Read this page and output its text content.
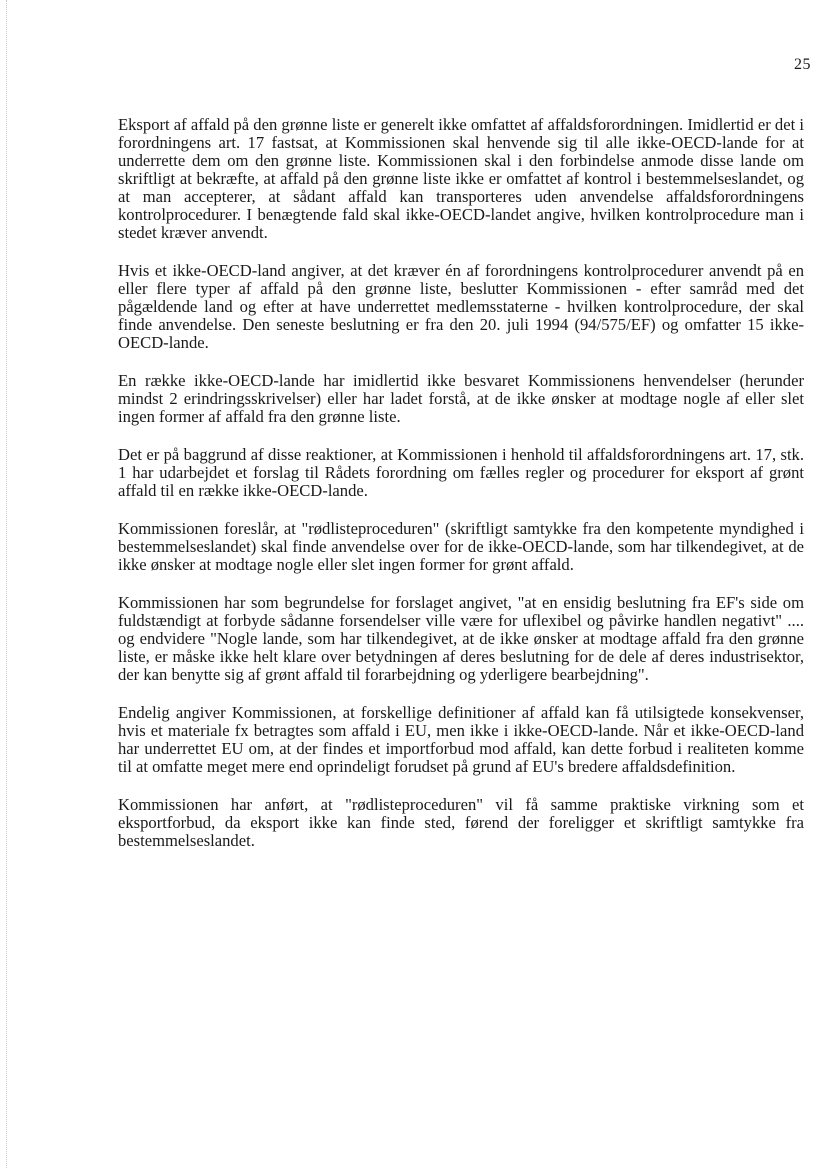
25

Eksport af affald på den grønne liste er generelt ikke omfattet af affaldsforordningen. Imidlertid er det i forordningens art. 17 fastsat, at Kommissionen skal henvende sig til alle ikke-OECD-lande for at underrette dem om den grønne liste. Kommissionen skal i den forbindelse anmode disse lande om skriftligt at bekræfte, at affald på den grønne liste ikke er omfattet af kontrol i bestemmelseslandet, og at man accepterer, at sådant affald kan transporteres uden anvendelse affaldsforordningens kontrolprocedurer. I benægtende fald skal ikke-OECD-landet angive, hvilken kontrolprocedure man i stedet kræver anvendt.

Hvis et ikke-OECD-land angiver, at det kræver én af forordningens kontrolprocedurer anvendt på en eller flere typer af affald på den grønne liste, beslutter Kommissionen - efter samråd med det pågældende land og efter at have underrettet medlemsstaterne - hvilken kontrolprocedure, der skal finde anvendelse. Den seneste beslutning er fra den 20. juli 1994 (94/575/EF) og omfatter 15 ikke-OECD-lande.

En række ikke-OECD-lande har imidlertid ikke besvaret Kommissionens henvendelser (herunder mindst 2 erindringsskrivelser) eller har ladet forstå, at de ikke ønsker at modtage nogle af eller slet ingen former af affald fra den grønne liste.

Det er på baggrund af disse reaktioner, at Kommissionen i henhold til affaldsforordningens art. 17, stk. 1 har udarbejdet et forslag til Rådets forordning om fælles regler og procedurer for eksport af grønt affald til en række ikke-OECD-lande.

Kommissionen foreslår, at "rødlisteproceduren" (skriftligt samtykke fra den kompetente myndighed i bestemmelseslandet) skal finde anvendelse over for de ikke-OECD-lande, som har tilkendegivet, at de ikke ønsker at modtage nogle eller slet ingen former for grønt affald.

Kommissionen har som begrundelse for forslaget angivet, "at en ensidig beslutning fra EF's side om fuldstændigt at forbyde sådanne forsendelser ville være for uflexibel og påvirke handlen negativt" .... og endvidere "Nogle lande, som har tilkendegivet, at de ikke ønsker at modtage affald fra den grønne liste, er måske ikke helt klare over betydningen af deres beslutning for de dele af deres industrisektor, der kan benytte sig af grønt affald til forarbejdning og yderligere bearbejdning".

Endelig angiver Kommissionen, at forskellige definitioner af affald kan få utilsigtede konsekvenser, hvis et materiale fx betragtes som affald i EU, men ikke i ikke-OECD-lande. Når et ikke-OECD-land har underrettet EU om, at der findes et importforbud mod affald, kan dette forbud i realiteten komme til at omfatte meget mere end oprindeligt forudset på grund af EU's bredere affaldsdefinition.

Kommissionen har anført, at "rødlisteproceduren" vil få samme praktiske virkning som et eksportforbud, da eksport ikke kan finde sted, førend der foreligger et skriftligt samtykke fra bestemmelseslandet.
